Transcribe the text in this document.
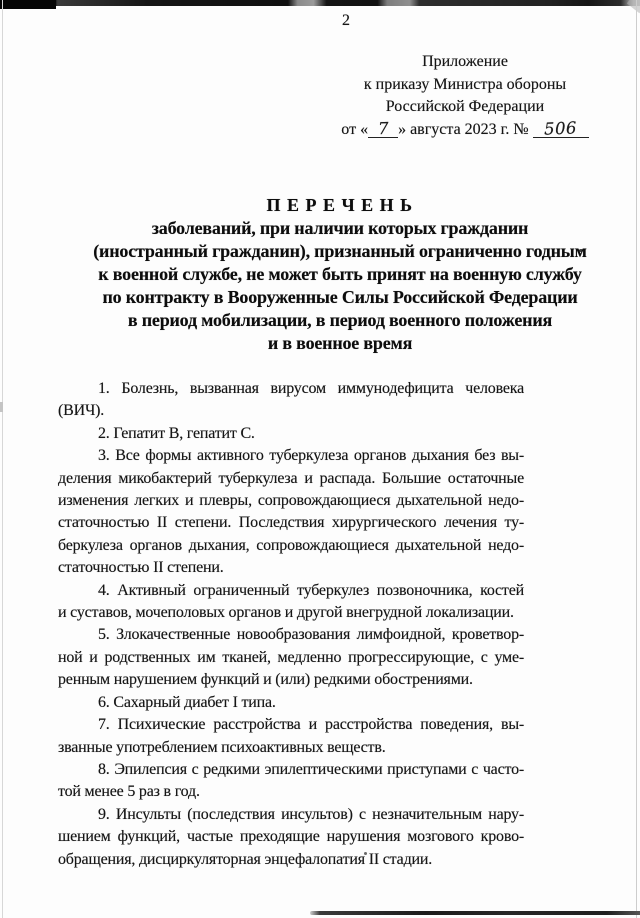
2
Приложение
к приказу Министра обороны
Российской Федерации
от « 7 » августа 2023 г. № 506
П Е Р Е Ч Е Н Ь
заболеваний, при наличии которых гражданин
(иностранный гражданин), признанный ограниченно годным
к военной службе, не может быть принят на военную службу
по контракту в Вооруженные Силы Российской Федерации
в период мобилизации, в период военного положения
и в военное время
1. Болезнь, вызванная вирусом иммунодефицита человека
(ВИЧ).
2. Гепатит В, гепатит С.
3. Все формы активного туберкулеза органов дыхания без вы-
деления микобактерий туберкулеза и распада. Большие остаточные
изменения легких и плевры, сопровождающиеся дыхательной недо-
статочностью II степени. Последствия хирургического лечения ту-
беркулеза органов дыхания, сопровождающиеся дыхательной недо-
статочностью II степени.
4. Активный ограниченный туберкулез позвоночника, костей
и суставов, мочеполовых органов и другой внегрудной локализации.
5. Злокачественные новообразования лимфоидной, кроветвор-
ной и родственных им тканей, медленно прогрессирующие, с уме-
ренным нарушением функций и (или) редкими обострениями.
6. Сахарный диабет I типа.
7. Психические расстройства и расстройства поведения, вы-
званные употреблением психоактивных веществ.
8. Эпилепсия с редкими эпилептическими приступами с часто-
той менее 5 раз в год.
9. Инсульты (последствия инсультов) с незначительным нару-
шением функций, частые преходящие нарушения мозгового крово-
обращения, дисциркуляторная энцефалопатия II стадии.
